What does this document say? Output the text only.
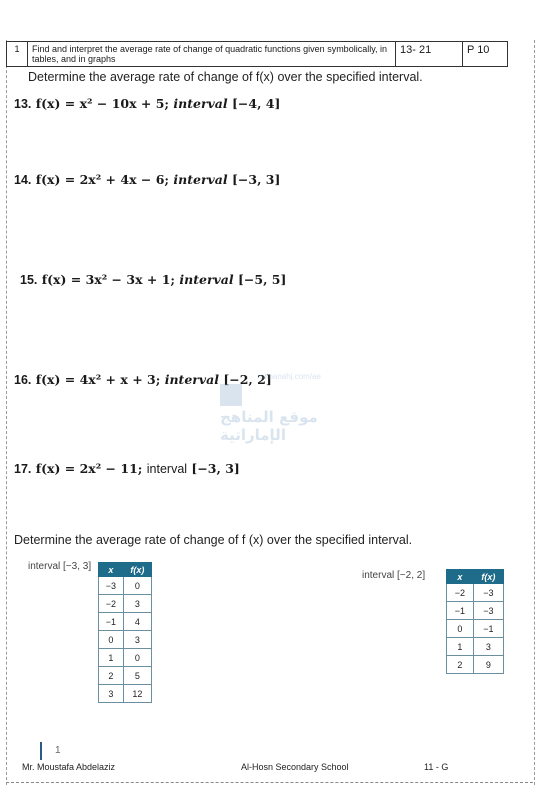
1	Find and interpret the average rate of change of quadratic functions given symbolically, in tables, and in graphs	13- 21	P 10
Determine the average rate of change of f(x) over the specified interval.
13. f(x) = x² − 10x + 5; interval [−4, 4]
14. f(x) = 2x² + 4x − 6; interval [−3, 3]
15. f(x) = 3x² − 3x + 1; interval [−5, 5]
16. f(x) = 4x² + x + 3; interval [−2, 2]
17. f(x) = 2x² − 11; interval [−3, 3]
almanahj.com/ae
موقع المناهج الإماراتية
Determine the average rate of change of f (x) over the specified interval.
interval [−3, 3] x	f(x)
−3	0
−2	3
−1	4
0	3
1	0
2	5
3	12
interval [−2, 2]	x	f(x)
−2	−3
−1	−3
0	−1
1	3
2	9
1
Mr. Moustafa Abdelaziz	Al-Hosn Secondary School	11 - G
